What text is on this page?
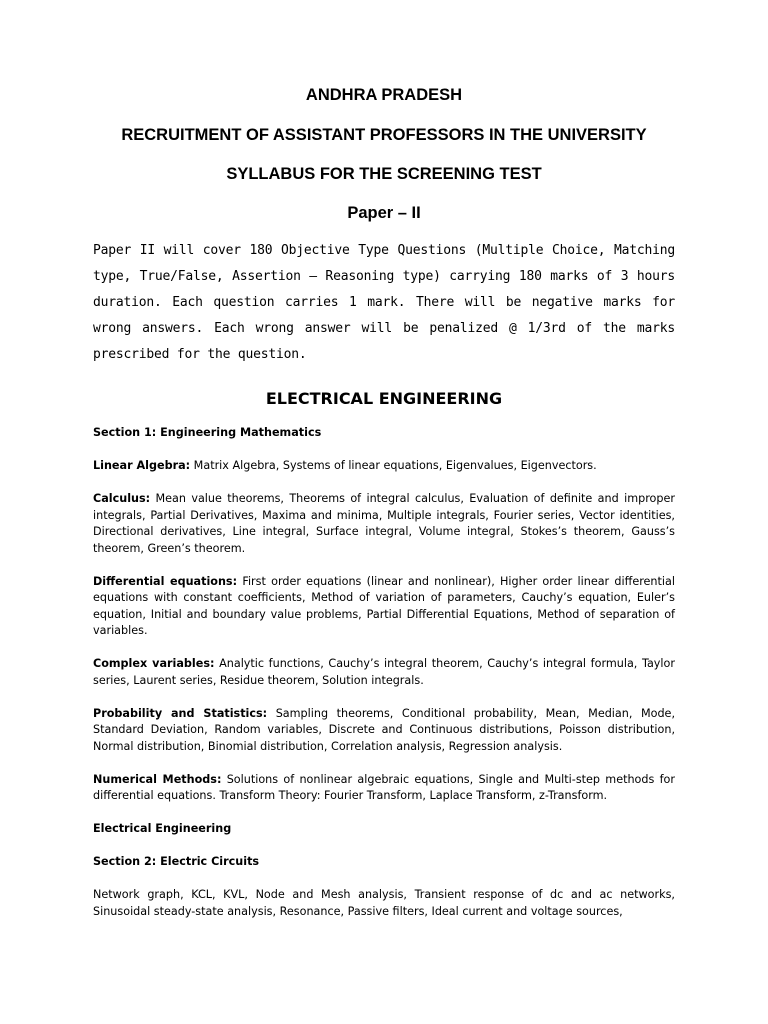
ANDHRA PRADESH

RECRUITMENT OF ASSISTANT PROFESSORS IN THE UNIVERSITY

SYLLABUS FOR THE SCREENING TEST

Paper – II

Paper II will cover 180 Objective Type Questions (Multiple Choice, Matching type, True/False, Assertion – Reasoning type) carrying 180 marks of 3 hours duration. Each question carries 1 mark. There will be negative marks for wrong answers. Each wrong answer will be penalized @ 1/3rd of the marks prescribed for the question.

ELECTRICAL ENGINEERING

Section 1: Engineering Mathematics

Linear Algebra: Matrix Algebra, Systems of linear equations, Eigenvalues, Eigenvectors.

Calculus: Mean value theorems, Theorems of integral calculus, Evaluation of definite and improper integrals, Partial Derivatives, Maxima and minima, Multiple integrals, Fourier series, Vector identities, Directional derivatives, Line integral, Surface integral, Volume integral, Stokes’s theorem, Gauss’s theorem, Green’s theorem.

Differential equations: First order equations (linear and nonlinear), Higher order linear differential equations with constant coefficients, Method of variation of parameters, Cauchy’s equation, Euler’s equation, Initial and boundary value problems, Partial Differential Equations, Method of separation of variables.

Complex variables: Analytic functions, Cauchy’s integral theorem, Cauchy’s integral formula, Taylor series, Laurent series, Residue theorem, Solution integrals.

Probability and Statistics: Sampling theorems, Conditional probability, Mean, Median, Mode, Standard Deviation, Random variables, Discrete and Continuous distributions, Poisson distribution, Normal distribution, Binomial distribution, Correlation analysis, Regression analysis.

Numerical Methods: Solutions of nonlinear algebraic equations, Single and Multi-step methods for differential equations. Transform Theory: Fourier Transform, Laplace Transform, z-Transform.

Electrical Engineering

Section 2: Electric Circuits

Network graph, KCL, KVL, Node and Mesh analysis, Transient response of dc and ac networks, Sinusoidal steady-state analysis, Resonance, Passive filters, Ideal current and voltage sources,
